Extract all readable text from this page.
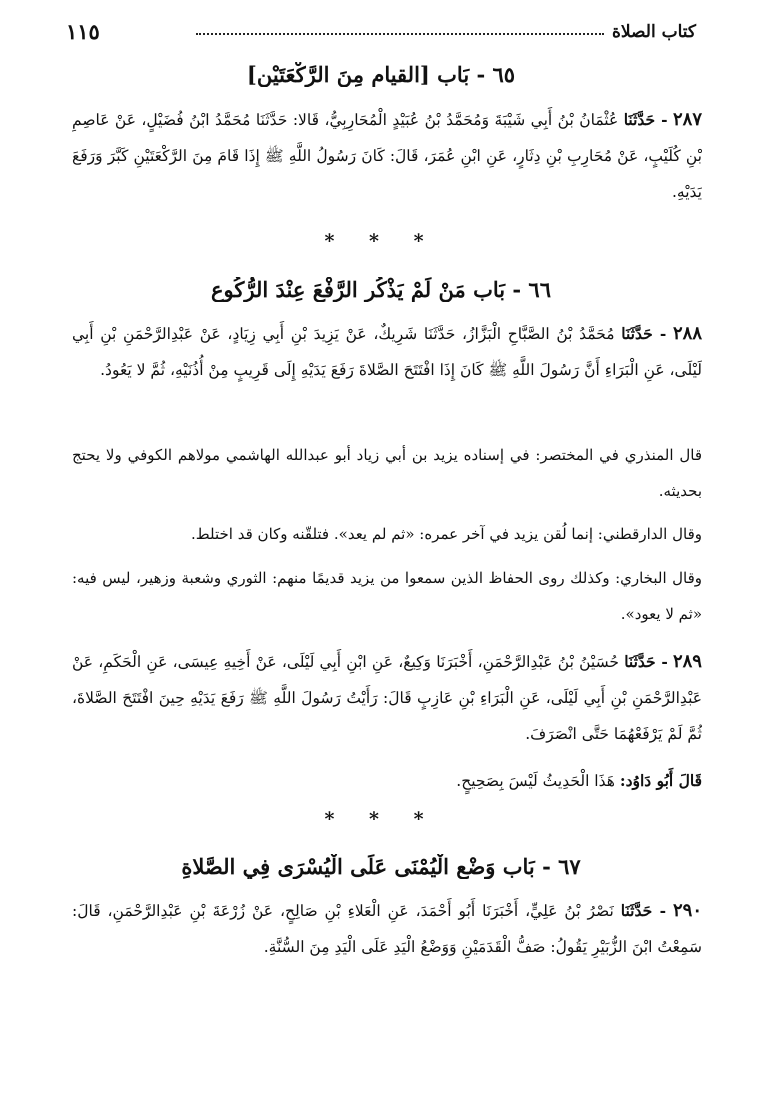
كتاب الصلاة
١١٥
٦٥ - بَاب [القيام مِنَ الرَّكْعَتَيْنِ]
٢٨٧ - حَدَّثَنَا عُثْمَانُ بْنُ أَبِي شَيْبَةَ وَمُحَمَّدُ بْنُ عُبَيْدٍ الْمُحَارِبِيُّ، قَالا: حَدَّثَنَا مُحَمَّدُ ابْنُ فُضَيْلٍ، عَنْ عَاصِمِ بْنِ كُلَيْبٍ، عَنْ مُحَارِبِ بْنِ دِثَارٍ، عَنِ ابْنِ عُمَرَ، قَالَ: كَانَ رَسُولُ اللَّهِ ﷺ إِذَا قَامَ مِنَ الرَّكْعَتَيْنِ كَبَّرَ وَرَفَعَ يَدَيْهِ.
* * *
٦٦ - بَاب مَنْ لَمْ يَذْكُرِ الرَّفْعَ عِنْدَ الرُّكُوعِ
٢٨٨ - حَدَّثَنَا مُحَمَّدُ بْنُ الصَّبَّاحِ الْبَزَّازُ، حَدَّثَنَا شَرِيكٌ، عَنْ يَزِيدَ بْنِ أَبِي زِيَادٍ، عَنْ عَبْدِالرَّحْمَنِ بْنِ أَبِي لَيْلَى، عَنِ الْبَرَاءِ أَنَّ رَسُولَ اللَّهِ ﷺ كَانَ إِذَا افْتَتَحَ الصَّلاةَ رَفَعَ يَدَيْهِ إِلَى قَرِيبٍ مِنْ أُذُنَيْهِ، ثُمَّ لا يَعُودُ.
قال المنذري في المختصر: في إسناده يزيد بن أبي زياد أبو عبدالله الهاشمي مولاهم الكوفي ولا يحتج بحديثه.
وقال الدارقطني: إنما لُقن يزيد في آخر عمره: «ثم لم يعد». فتلقّنه وكان قد اختلط.
وقال البخاري: وكذلك روى الحفاظ الذين سمعوا من يزيد قديمًا منهم: الثوري وشعبة وزهير، ليس فيه: «ثم لا يعود».
٢٨٩ - حَدَّثَنَا حُسَيْنُ بْنُ عَبْدِالرَّحْمَنِ، أَخْبَرَنَا وَكِيعٌ، عَنِ ابْنِ أَبِي لَيْلَى، عَنْ أَخِيهِ عِيسَى، عَنِ الْحَكَمِ، عَنْ عَبْدِالرَّحْمَنِ بْنِ أَبِي لَيْلَى، عَنِ الْبَرَاءِ بْنِ عَازِبٍ قَالَ: رَأَيْتُ رَسُولَ اللَّهِ ﷺ رَفَعَ يَدَيْهِ حِينَ افْتَتَحَ الصَّلاةَ، ثُمَّ لَمْ يَرْفَعْهُمَا حَتَّى انْصَرَفَ.
قَالَ أَبُو دَاوُد: هَذَا الْحَدِيثُ لَيْسَ بِصَحِيحٍ.
* * *
٦٧ - بَاب وَضْعِ الْيُمْنَى عَلَى الْيُسْرَى فِي الصَّلاةِ
٢٩٠ - حَدَّثَنَا نَصْرُ بْنُ عَلِيٍّ، أَخْبَرَنَا أَبُو أَحْمَدَ، عَنِ الْعَلاءِ بْنِ صَالِحٍ، عَنْ زُرْعَةَ بْنِ عَبْدِالرَّحْمَنِ، قَالَ: سَمِعْتُ ابْنَ الزُّبَيْرِ يَقُولُ: صَفُّ الْقَدَمَيْنِ وَوَضْعُ الْيَدِ عَلَى الْيَدِ مِنَ السُّنَّةِ.
